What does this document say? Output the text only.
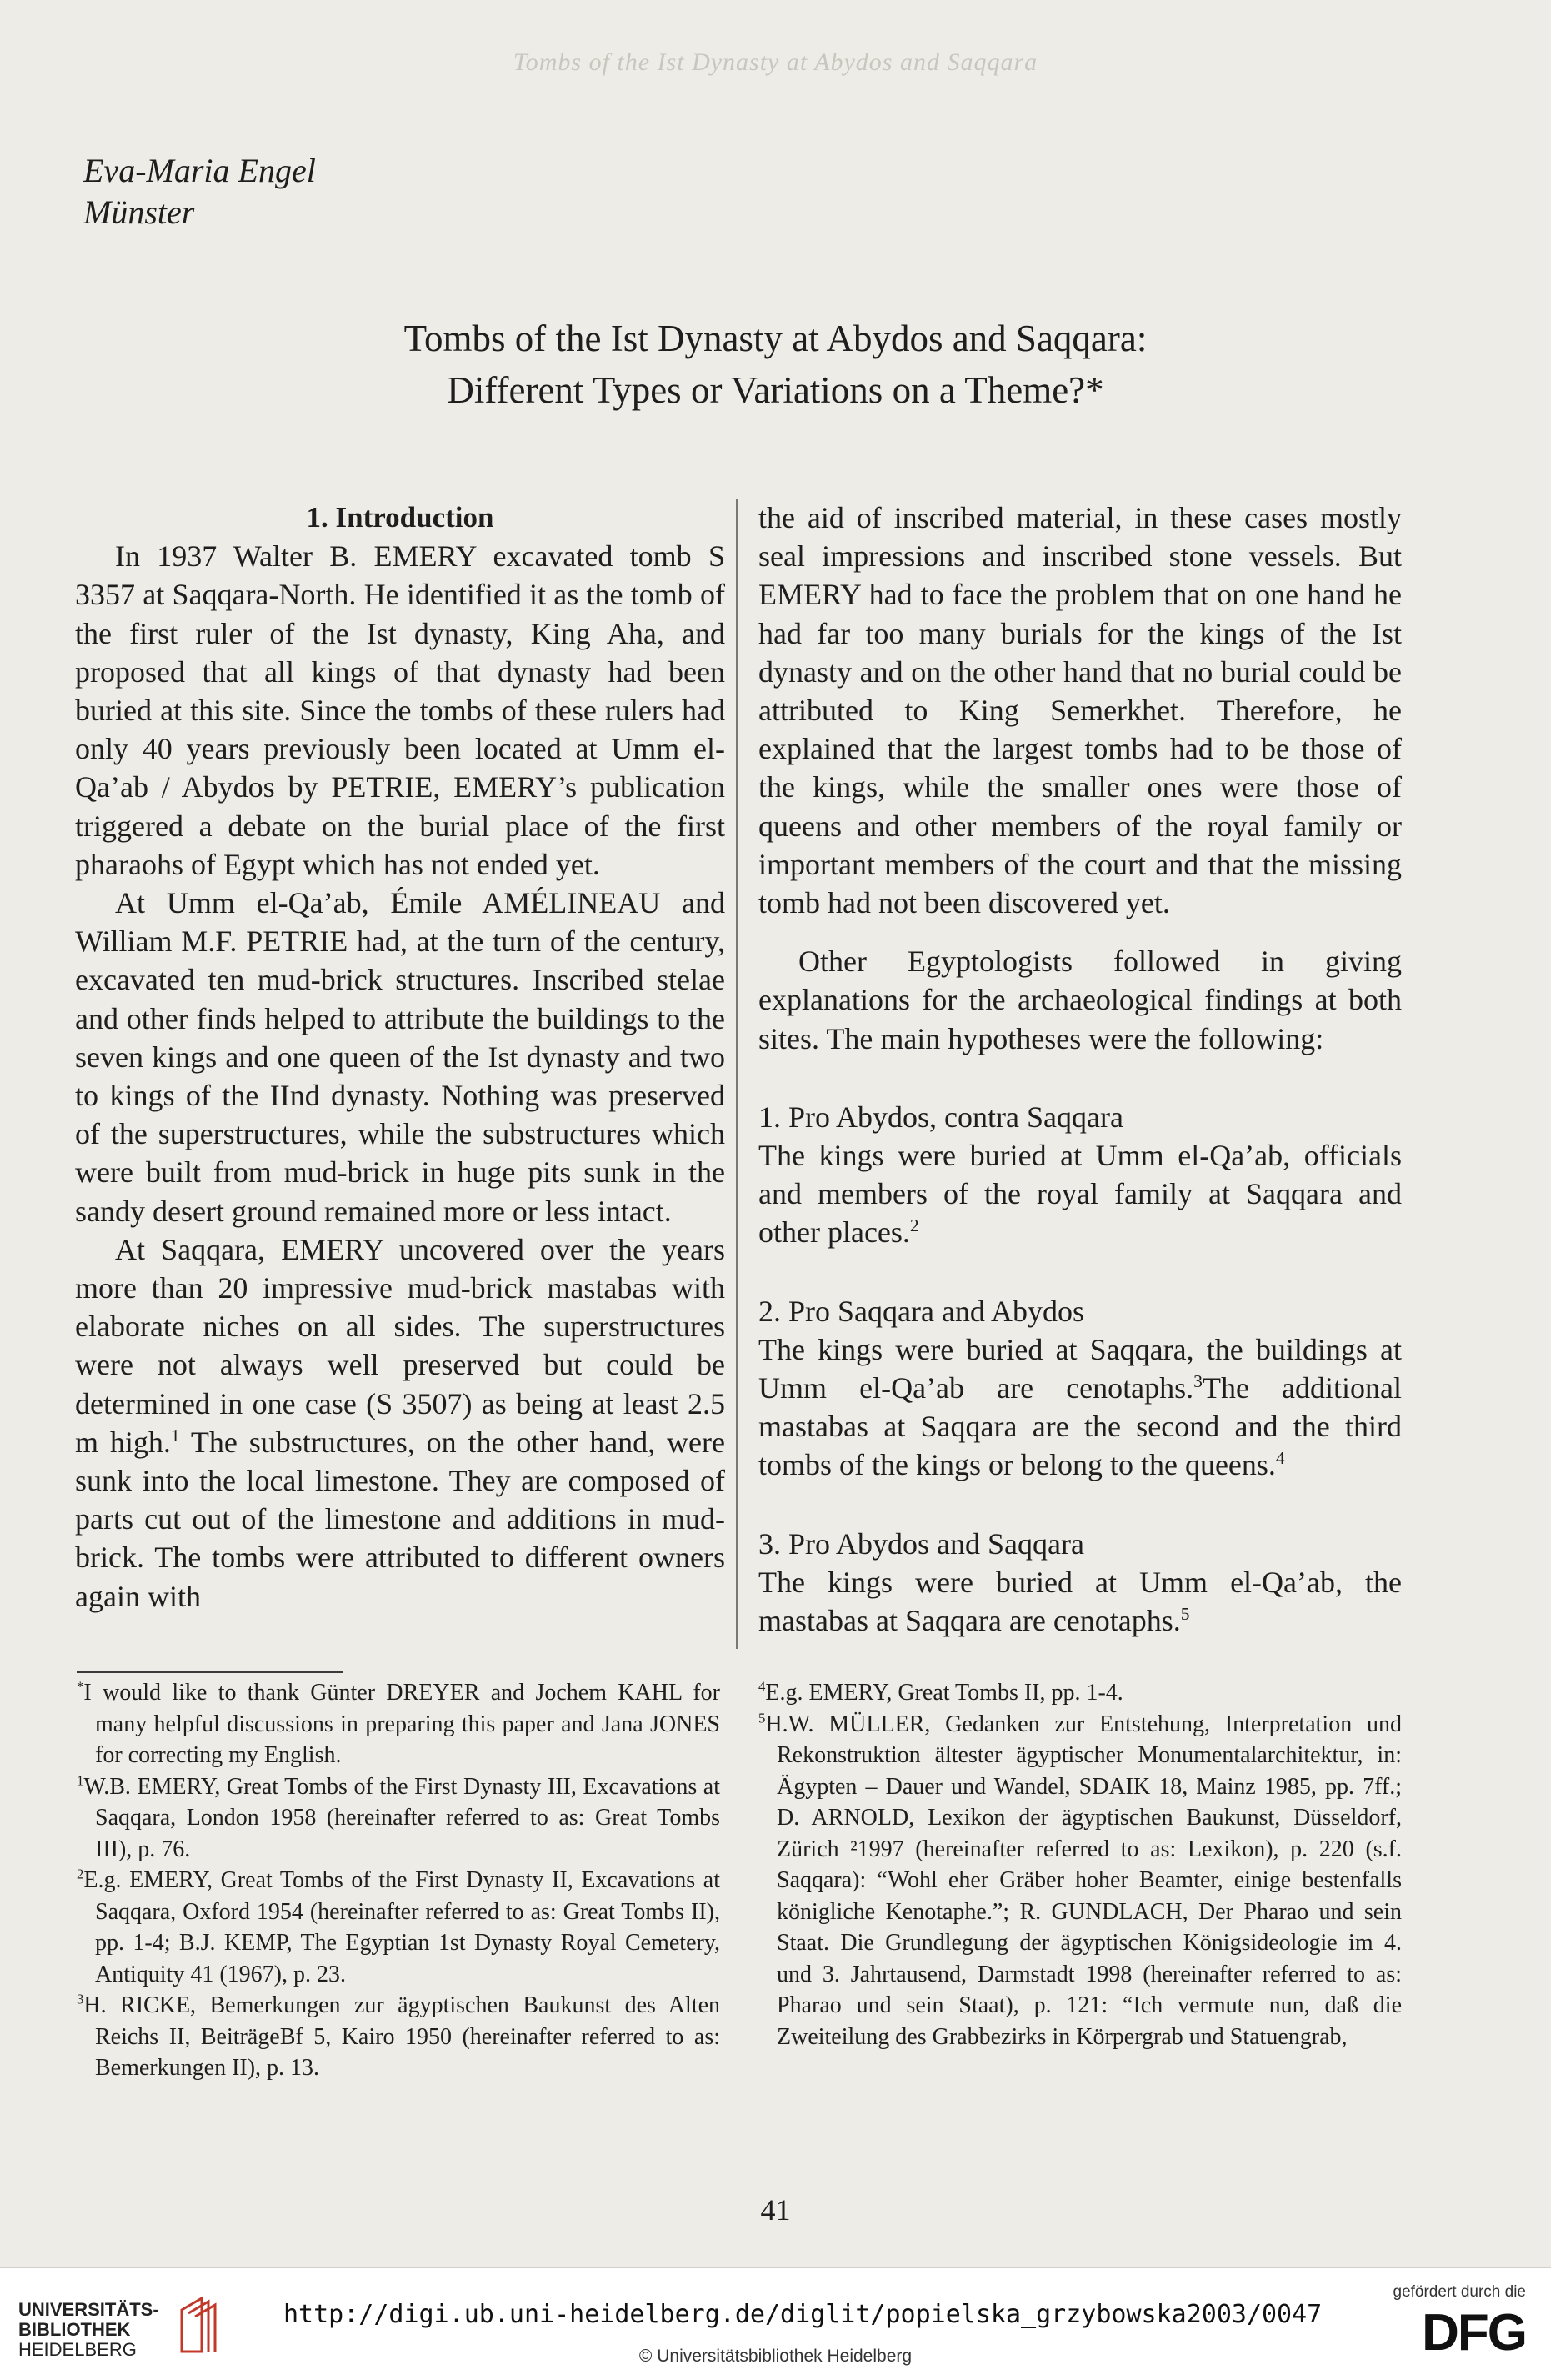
Tombs of the Ist Dynasty at Abydos and Saqqara
Eva-Maria Engel
Münster
Tombs of the Ist Dynasty at Abydos and Saqqara:
Different Types or Variations on a Theme?*

1. Introduction

In 1937 Walter B. EMERY excavated tomb S 3357 at Saqqara-North. He identified it as the tomb of the first ruler of the Ist dynasty, King Aha, and proposed that all kings of that dynasty had been buried at this site. Since the tombs of these rulers had only 40 years previously been located at Umm el-Qa’ab / Abydos by PETRIE, EMERY’s publication triggered a debate on the burial place of the first pharaohs of Egypt which has not ended yet.

At Umm el-Qa’ab, Émile AMÉLINEAU and William M.F. PETRIE had, at the turn of the century, excavated ten mud-brick structures. Inscribed stelae and other finds helped to attribute the buildings to the seven kings and one queen of the Ist dynasty and two to kings of the IInd dynasty. Nothing was preserved of the superstructures, while the substructures which were built from mud-brick in huge pits sunk in the sandy desert ground remained more or less intact.

At Saqqara, EMERY uncovered over the years more than 20 impressive mud-brick mastabas with elaborate niches on all sides. The superstructures were not always well preserved but could be determined in one case (S 3507) as being at least 2.5 m high.$^1$ The substructures, on the other hand, were sunk into the local limestone. They are composed of parts cut out of the limestone and additions in mud-brick. The tombs were attributed to different owners again with

the aid of inscribed material, in these cases mostly seal impressions and inscribed stone vessels. But EMERY had to face the problem that on one hand he had far too many burials for the kings of the Ist dynasty and on the other hand that no burial could be attributed to King Semerkhet. Therefore, he explained that the largest tombs had to be those of the kings, while the smaller ones were those of queens and other members of the royal family or important members of the court and that the missing tomb had not been discovered yet.

Other Egyptologists followed in giving explanations for the archaeological findings at both sites. The main hypotheses were the following:

1. Pro Abydos, contra Saqqara

The kings were buried at Umm el-Qa’ab, officials and members of the royal family at Saqqara and other places.$^2$

2. Pro Saqqara and Abydos

The kings were buried at Saqqara, the buildings at Umm el-Qa’ab are cenotaphs.$^3$The additional mastabas at Saqqara are the second and the third tombs of the kings or belong to the queens.$^4$

3. Pro Abydos and Saqqara

The kings were buried at Umm el-Qa’ab, the mastabas at Saqqara are cenotaphs.$^5$

*I would like to thank Günter DREYER and Jochem KAHL for many helpful discussions in preparing this paper and Jana JONES for correcting my English.

$^1$W.B. EMERY, Great Tombs of the First Dynasty III, Excavations at Saqqara, London 1958 (hereinafter referred to as: Great Tombs III), p. 76.

$^2$E.g. EMERY, Great Tombs of the First Dynasty II, Excavations at Saqqara, Oxford 1954 (hereinafter referred to as: Great Tombs II), pp. 1-4; B.J. KEMP, The Egyptian 1st Dynasty Royal Cemetery, Antiquity 41 (1967), p. 23.

$^3$H. RICKE, Bemerkungen zur ägyptischen Baukunst des Alten Reichs II, BeiträgeBf 5, Kairo 1950 (hereinafter referred to as: Bemerkungen II), p. 13.

$^4$E.g. EMERY, Great Tombs II, pp. 1-4.

$^5$H.W. MÜLLER, Gedanken zur Entstehung, Interpretation und Rekonstruktion ältester ägyptischer Monumentalarchitektur, in: Ägypten – Dauer und Wandel, SDAIK 18, Mainz 1985, pp. 7ff.; D. ARNOLD, Lexikon der ägyptischen Baukunst, Düsseldorf, Zürich ²1997 (hereinafter referred to as: Lexikon), p. 220 (s.f. Saqqara): “Wohl eher Gräber hoher Beamter, einige bestenfalls königliche Kenotaphe.”; R. GUNDLACH, Der Pharao und sein Staat. Die Grundlegung der ägyptischen Königsideologie im 4. und 3. Jahrtausend, Darmstadt 1998 (hereinafter referred to as: Pharao und sein Staat), p. 121: “Ich vermute nun, daß die Zweiteilung des Grabbezirks in Körpergrab und Statuengrab,

41
UNIVERSITÄTS-
BIBLIOTHEK
HEIDELBERG
http://digi.ub.uni-heidelberg.de/diglit/popielska_grzybowska2003/0047
© Universitätsbibliothek Heidelberg
gefördert durch die
DFG
